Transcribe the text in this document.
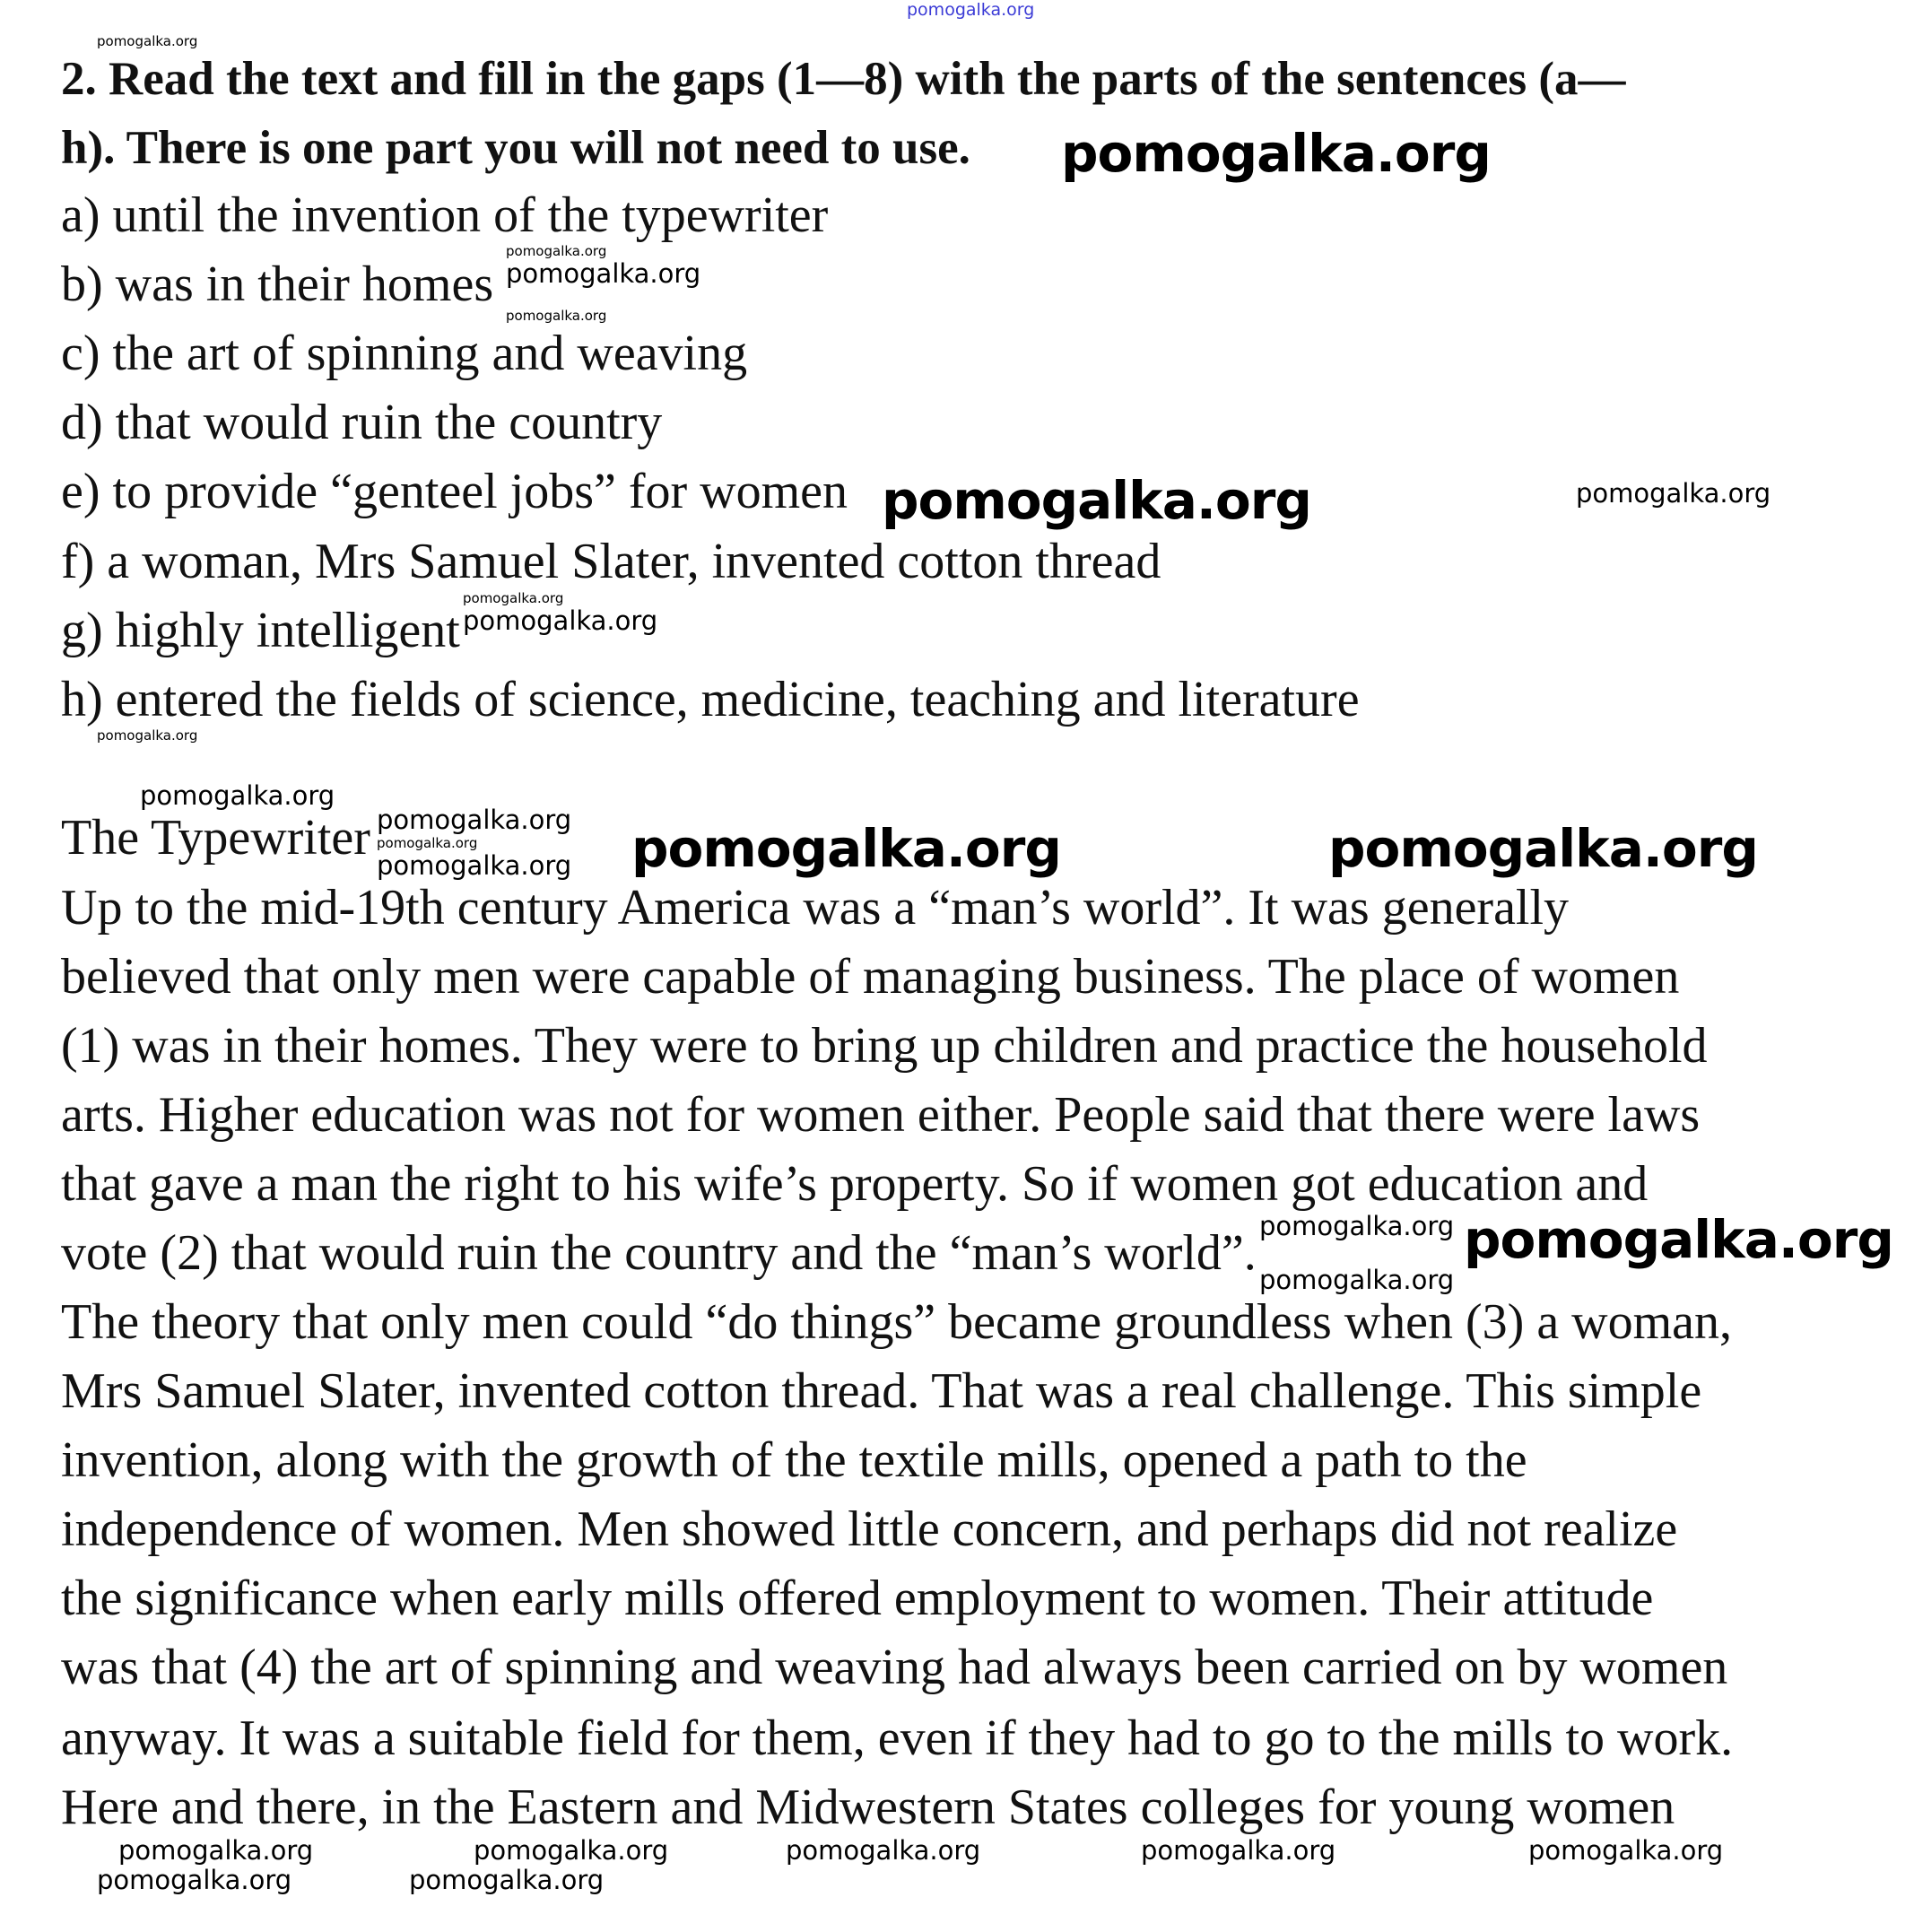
2. Read the text and fill in the gaps (1—8) with the parts of the sentences (a—
h). There is one part you will not need to use.
a) until the invention of the typewriter
b) was in their homes
c) the art of spinning and weaving
d) that would ruin the country
e) to provide “genteel jobs” for women
f) a woman, Mrs Samuel Slater, invented cotton thread
g) highly intelligent
h) entered the fields of science, medicine, teaching and literature
The Typewriter
Up to the mid-19th century America was a “man’s world”. It was generally
believed that only men were capable of managing business. The place of women
(1) was in their homes. They were to bring up children and practice the household
arts. Higher education was not for women either. People said that there were laws
that gave a man the right to his wife’s property. So if women got education and
vote (2) that would ruin the country and the “man’s world”.
The theory that only men could “do things” became groundless when (3) a woman,
Mrs Samuel Slater, invented cotton thread. That was a real challenge. This simple
invention, along with the growth of the textile mills, opened a path to the
independence of women. Men showed little concern, and perhaps did not realize
the significance when early mills offered employment to women. Their attitude
was that (4) the art of spinning and weaving had always been carried on by women
anyway. It was a suitable field for them, even if they had to go to the mills to work.
Here and there, in the Eastern and Midwestern States colleges for young women
pomogalka.org
pomogalka.org
pomogalka.org
pomogalka.org
pomogalka.org
pomogalka.org
pomogalka.org
pomogalka.org
pomogalka.org	pomogalka.org
pomogalka.org
pomogalka.org
pomogalka.org	pomogalka.org
pomogalka.org
pomogalka.org
pomogalka.org
pomogalka.org pomogalka.org
pomogalka.org	pomogalka.org
pomogalka.org
pomogalka.org
pomogalka.org	pomogalka.org
pomogalka.org
pomogalka.org
